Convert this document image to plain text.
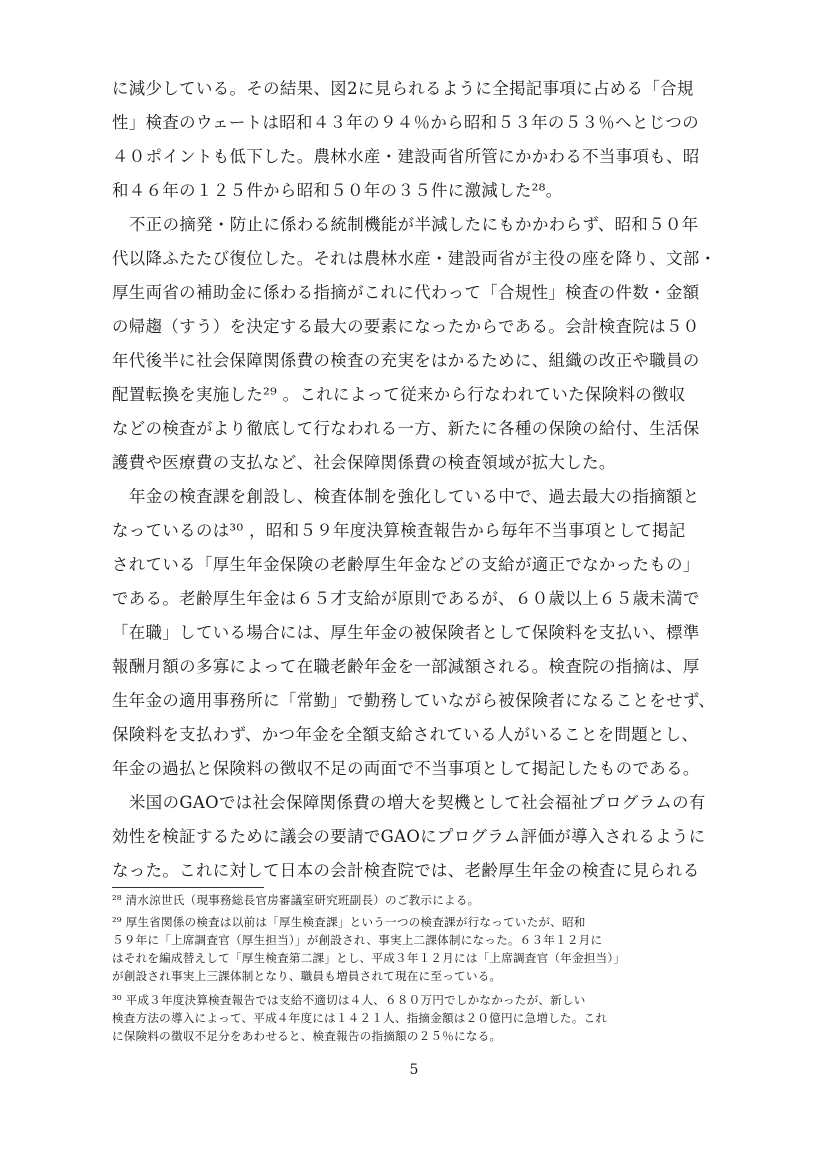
に減少している。その結果、図2に見られるように全掲記事項に占める「合規
性」検査のウェートは昭和４３年の９４％から昭和５３年の５３％へとじつの
４０ポイントも低下した。農林水産・建設両省所管にかかわる不当事項も、昭
和４６年の１２５件から昭和５０年の３５件に激減した²⁸。
不正の摘発・防止に係わる統制機能が半減したにもかかわらず、昭和５０年
代以降ふたたび復位した。それは農林水産・建設両省が主役の座を降り、文部・
厚生両省の補助金に係わる指摘がこれに代わって「合規性」検査の件数・金額
の帰趨（すう）を決定する最大の要素になったからである。会計検査院は５０
年代後半に社会保障関係費の検査の充実をはかるために、組織の改正や職員の
配置転換を実施した²⁹ 。これによって従来から行なわれていた保険料の徴収
などの検査がより徹底して行なわれる一方、新たに各種の保険の給付、生活保
護費や医療費の支払など、社会保障関係費の検査領域が拡大した。
年金の検査課を創設し、検査体制を強化している中で、過去最大の指摘額と
なっているのは³⁰ ，昭和５９年度決算検査報告から毎年不当事項として掲記
されている「厚生年金保険の老齢厚生年金などの支給が適正でなかったもの」
である。老齢厚生年金は６５才支給が原則であるが、６０歳以上６５歳未満で
「在職」している場合には、厚生年金の被保険者として保険料を支払い、標準
報酬月額の多寡によって在職老齢年金を一部減額される。検査院の指摘は、厚
生年金の適用事務所に「常勤」で勤務していながら被保険者になることをせず、
保険料を支払わず、かつ年金を全額支給されている人がいることを問題とし、
年金の過払と保険料の徴収不足の両面で不当事項として掲記したものである。
米国のGAOでは社会保障関係費の増大を契機として社会福祉プログラムの有
効性を検証するために議会の要請でGAOにプログラム評価が導入されるように
なった。これに対して日本の会計検査院では、老齢厚生年金の検査に見られる
²⁸ 清水涼世氏（現事務総長官房審議室研究班副長）のご教示による。
²⁹ 厚生省関係の検査は以前は「厚生検査課」という一つの検査課が行なっていたが、昭和
５９年に「上席調査官（厚生担当）」が創設され、事実上二課体制になった。６３年１２月に
はそれを編成替えして「厚生検査第二課」とし、平成３年１２月には「上席調査官（年金担当）」
が創設され事実上三課体制となり、職員も増員されて現在に至っている。
³⁰ 平成３年度決算検査報告では支給不適切は４人、６８０万円でしかなかったが、新しい
検査方法の導入によって、平成４年度には１４２１人、指摘金額は２０億円に急増した。これ
に保険料の徴収不足分をあわせると、検査報告の指摘額の２５％になる。
5
